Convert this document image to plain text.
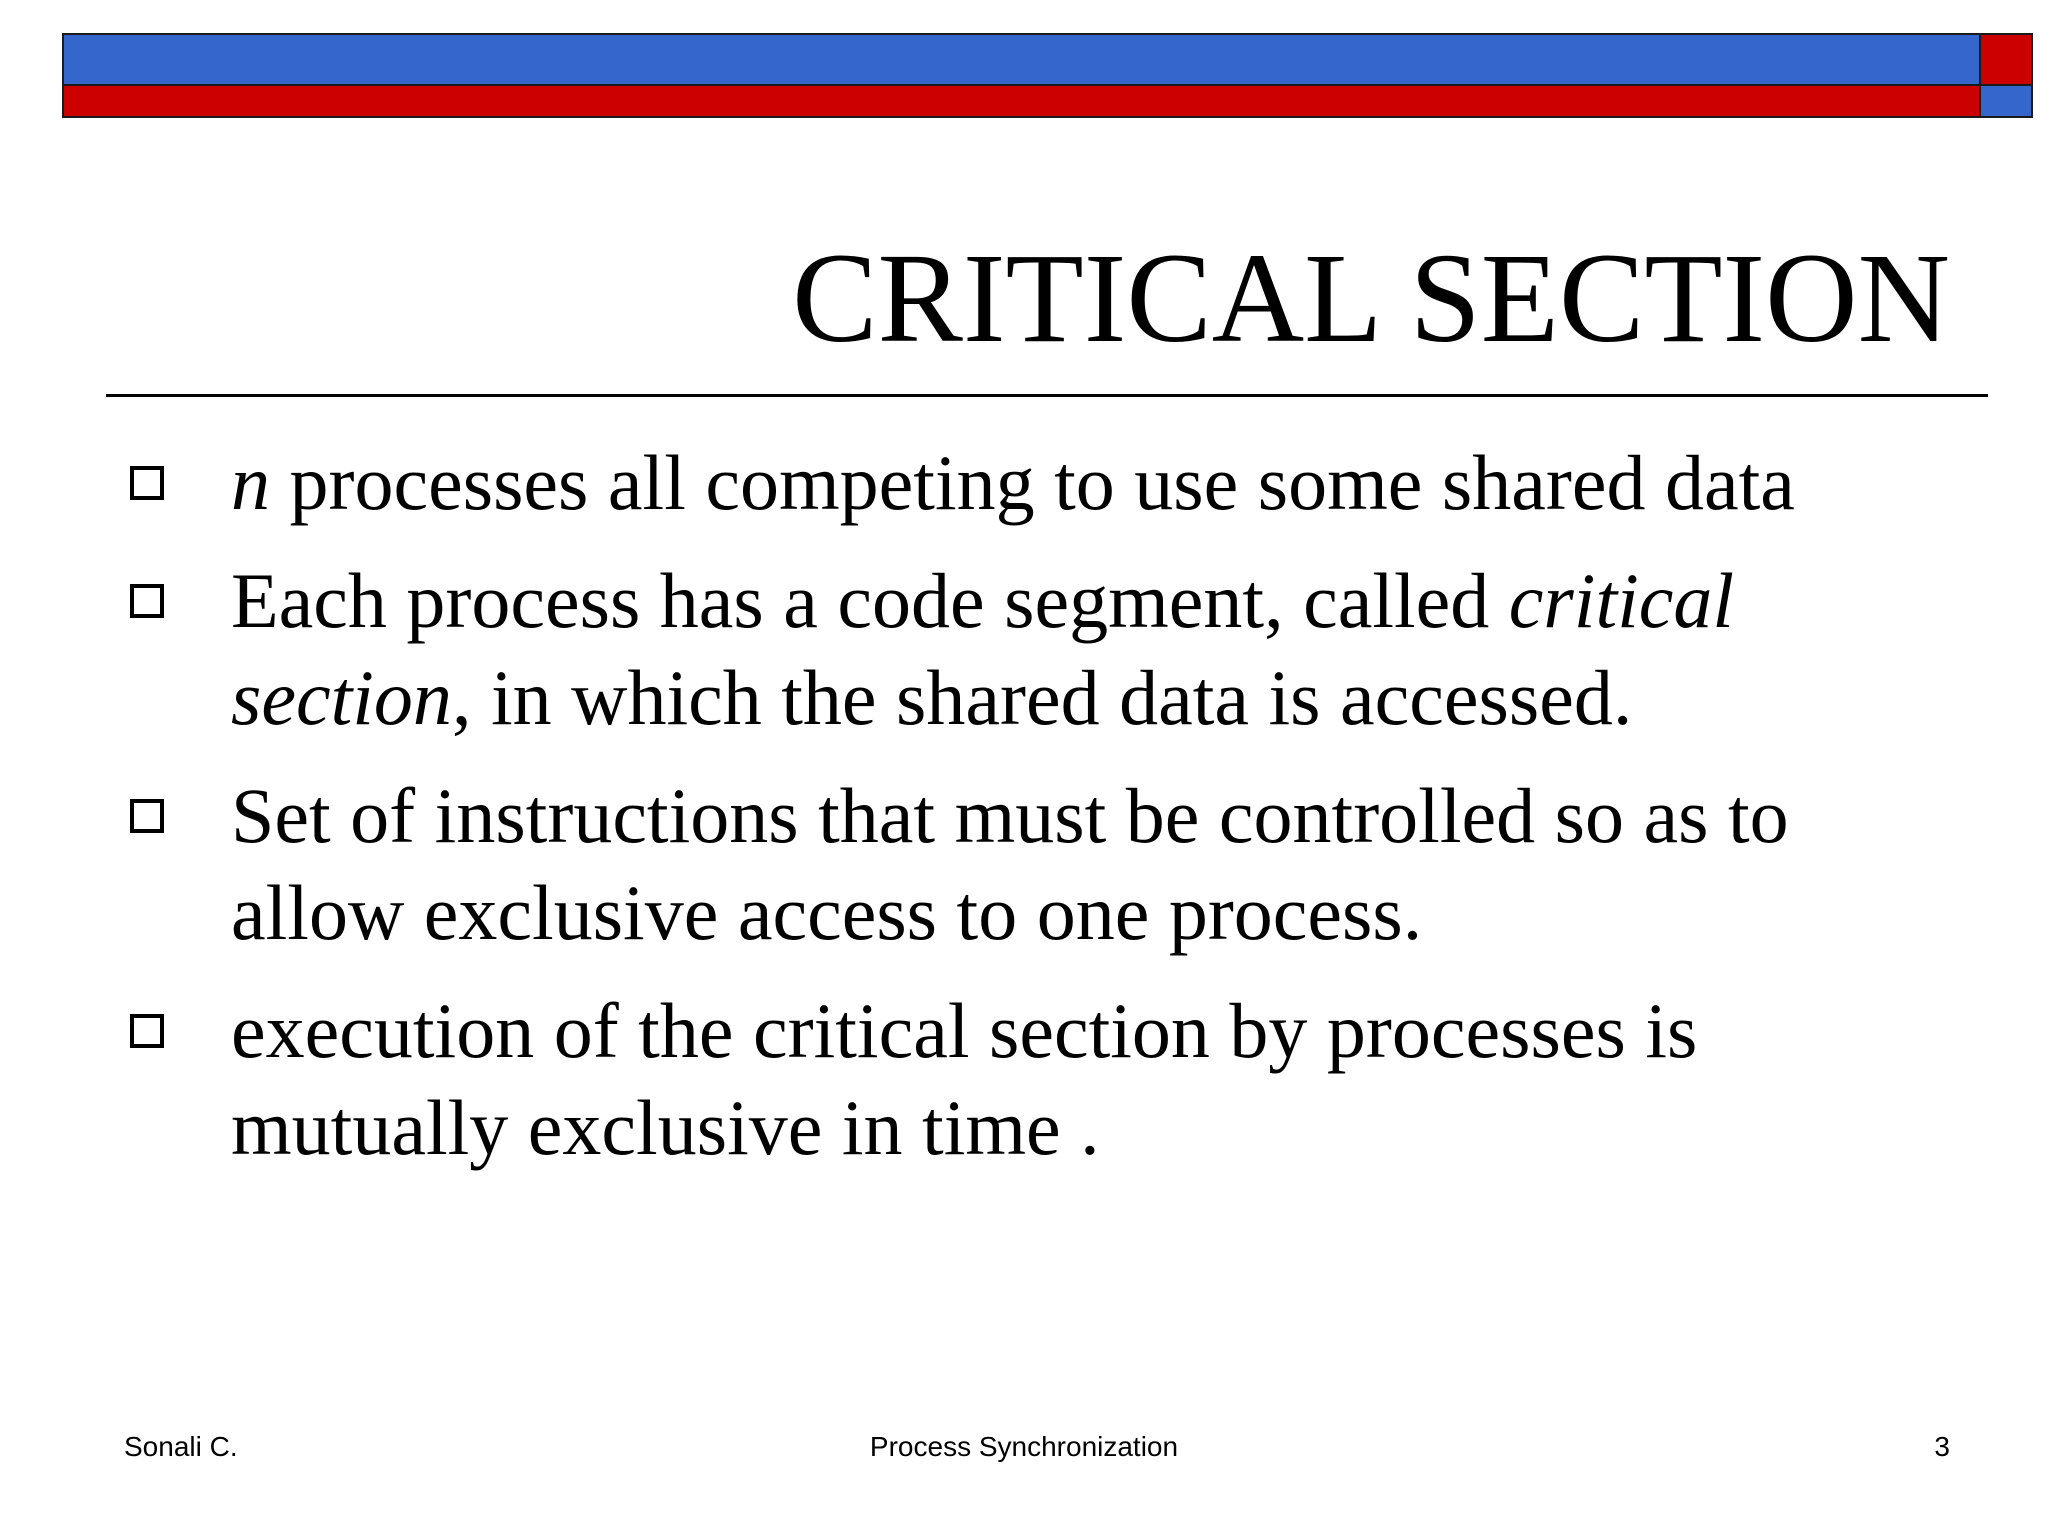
CRITICAL SECTION
n processes all competing to use some shared data
Each process has a code segment, called critical section, in which the shared data is accessed.
Set of instructions that must be controlled so as to allow exclusive access to one process.
execution of the critical section by processes is mutually exclusive in time .
Sonali C.	Process Synchronization	3
